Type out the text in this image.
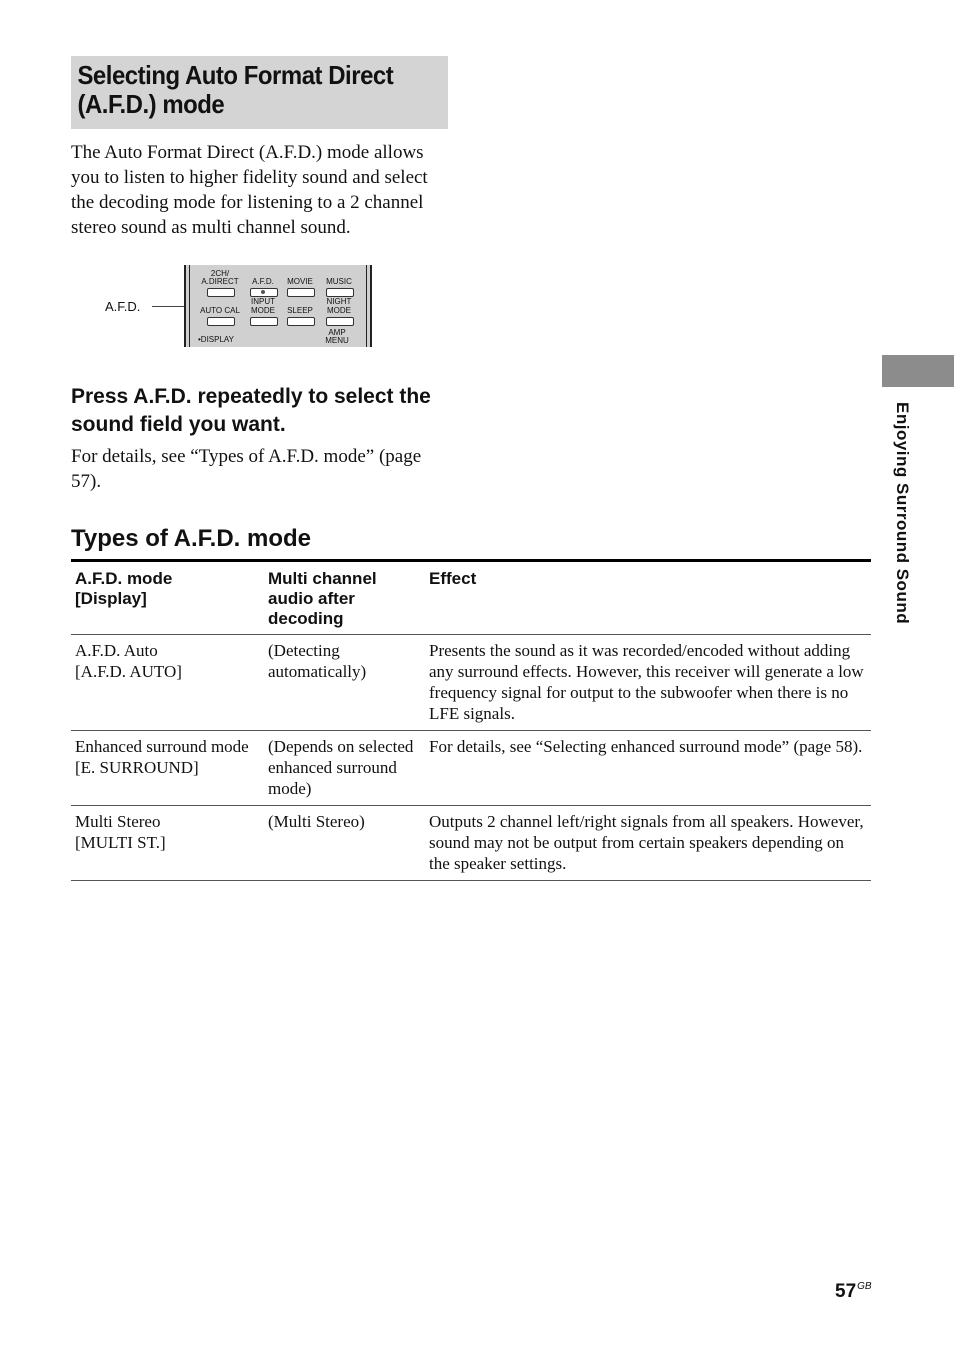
Selecting Auto Format Direct (A.F.D.) mode

The Auto Format Direct (A.F.D.) mode allows you to listen to higher fidelity sound and select the decoding mode for listening to a 2 channel stereo sound as multi channel sound.

A.F.D.
2CH/
A.DIRECT	A.F.D.	MOVIE	MUSIC
INPUT	NIGHT
AUTO CAL	MODE	SLEEP	MODE
•DISPLAY
AMP
MENU
Press A.F.D. repeatedly to select the sound field you want.

For details, see “Types of A.F.D. mode” (page 57).

Types of A.F.D. mode
A.F.D. mode
[Display]	Multi channel audio after decoding	Effect
A.F.D. Auto
[A.F.D. AUTO]	(Detecting automatically)	Presents the sound as it was recorded/encoded without adding any surround effects. However, this receiver will generate a low frequency signal for output to the subwoofer when there is no LFE signals.
Enhanced surround mode
[E. SURROUND]	(Depends on selected enhanced surround mode)	For details, see “Selecting enhanced surround mode” (page 58).
Multi Stereo
[MULTI ST.]	(Multi Stereo)	Outputs 2 channel left/right signals from all speakers. However, sound may not be output from certain speakers depending on the speaker settings.
Enjoying Surround Sound
$57^{GB}$
